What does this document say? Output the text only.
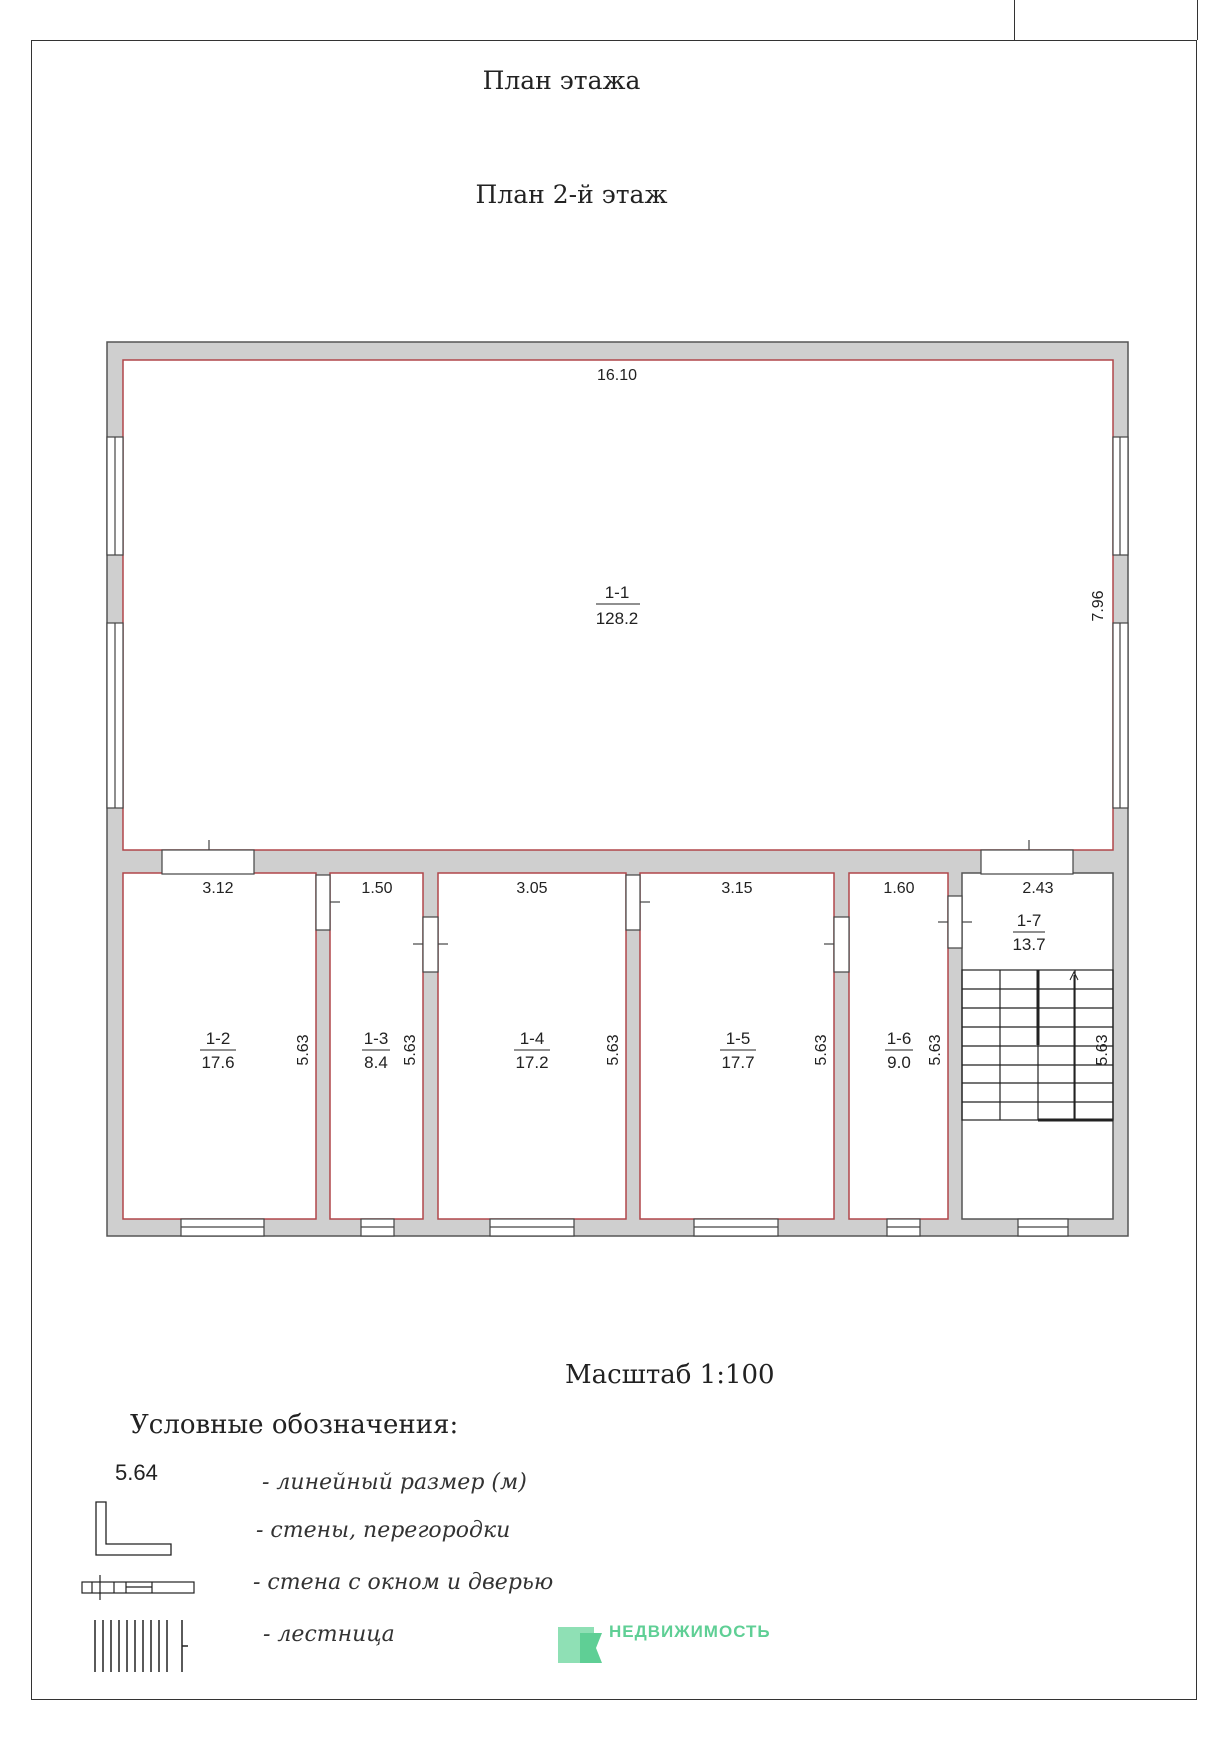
План этажа
План 2-й этаж
16.10
1-1
128.2	7.96
3.12
1-2
17.6	5.63
1.50
1-3
8.4 5.63
3.05
1-4
17.2	5.63
3.15
1-5
17.7	5.63
1.60
1-6
9.0 5.63
2.43
1-7
13.7
5.63
Масштаб 1:100
Условные обозначения:
5.64	- линейный размер (м)
- стены, перегородки
- стена с окном и дверью
- лестница	НЕДВИЖИМОСТЬ
